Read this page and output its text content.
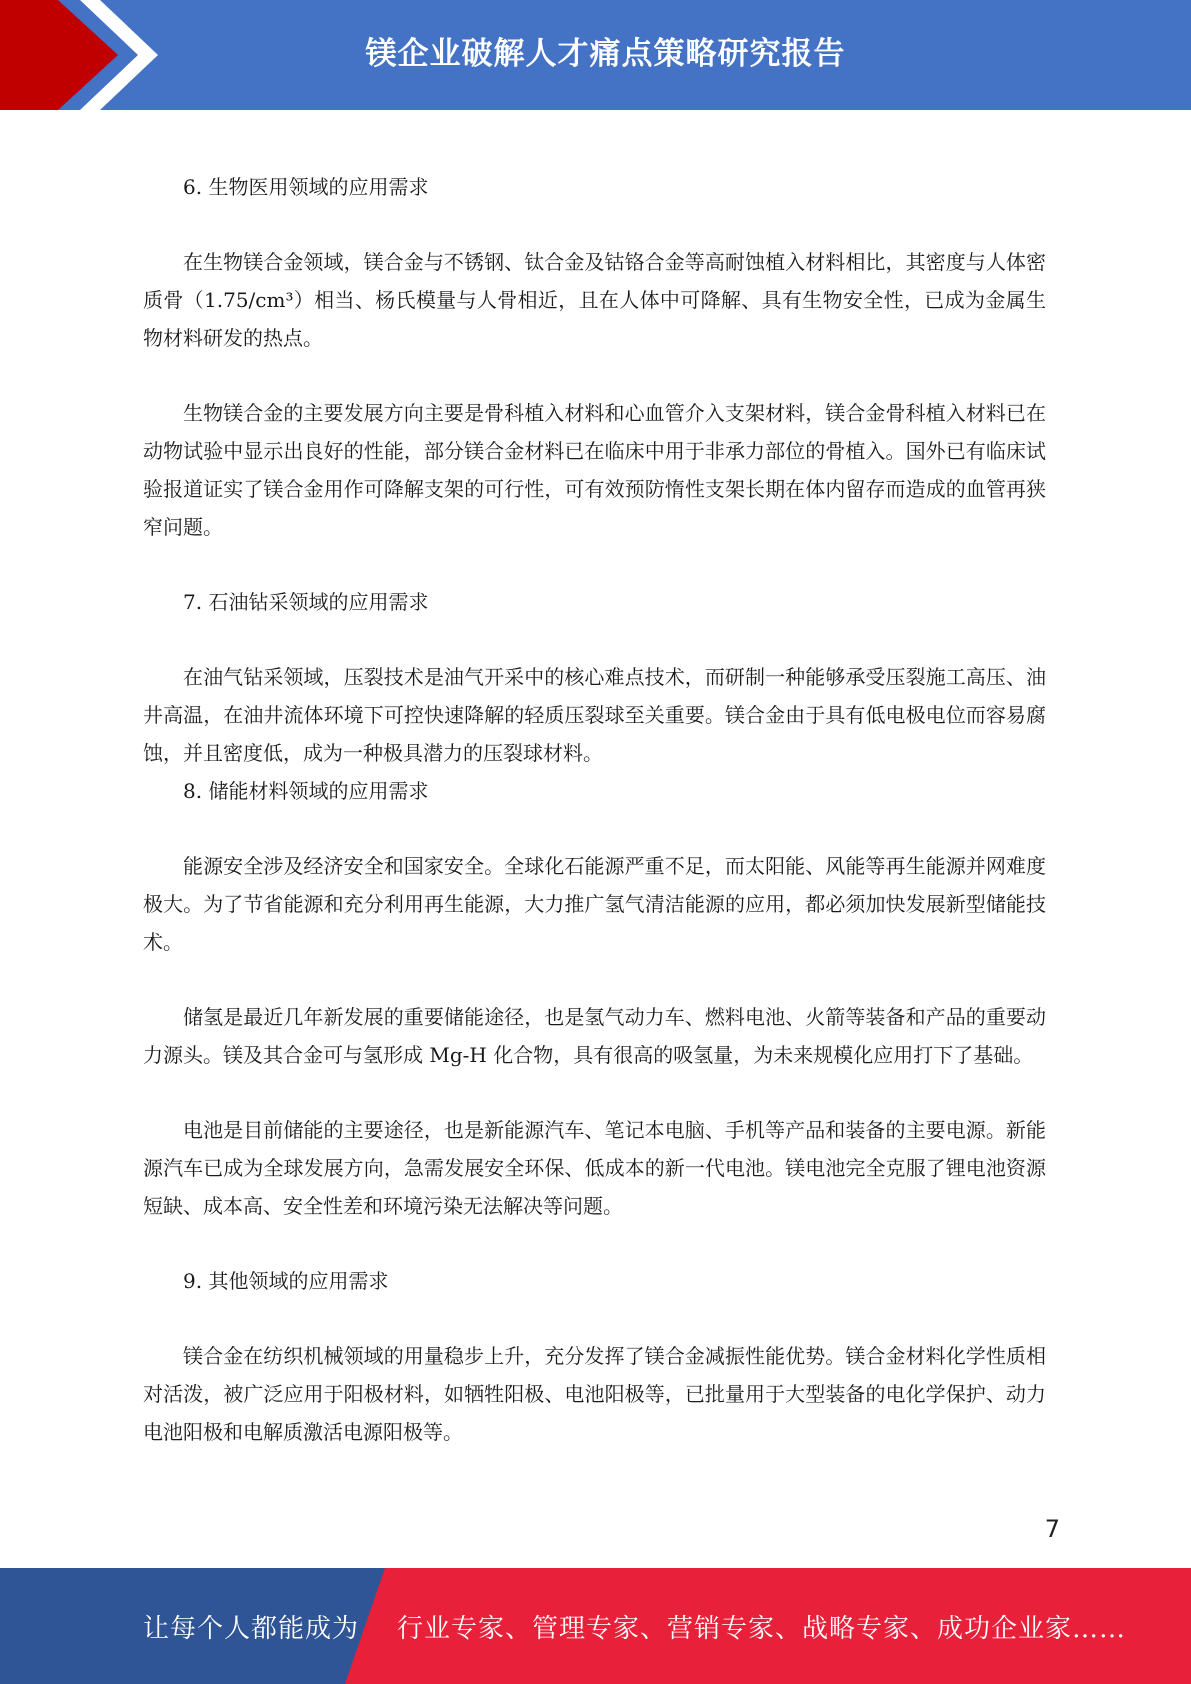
镁企业破解人才痛点策略研究报告

6. 生物医用领域的应用需求

在生物镁合金领域，镁合金与不锈钢、钛合金及钴铬合金等高耐蚀植入材料相比，其密度与人体密质骨（1.75/cm³）相当、杨氏模量与人骨相近，且在人体中可降解、具有生物安全性，已成为金属生物材料研发的热点。

生物镁合金的主要发展方向主要是骨科植入材料和心血管介入支架材料，镁合金骨科植入材料已在动物试验中显示出良好的性能，部分镁合金材料已在临床中用于非承力部位的骨植入。国外已有临床试验报道证实了镁合金用作可降解支架的可行性，可有效预防惰性支架长期在体内留存而造成的血管再狭窄问题。

7. 石油钻采领域的应用需求

在油气钻采领域，压裂技术是油气开采中的核心难点技术，而研制一种能够承受压裂施工高压、油井高温，在油井流体环境下可控快速降解的轻质压裂球至关重要。镁合金由于具有低电极电位而容易腐蚀，并且密度低，成为一种极具潜力的压裂球材料。

8. 储能材料领域的应用需求

能源安全涉及经济安全和国家安全。全球化石能源严重不足，而太阳能、风能等再生能源并网难度极大。为了节省能源和充分利用再生能源，大力推广氢气清洁能源的应用，都必须加快发展新型储能技术。

储氢是最近几年新发展的重要储能途径，也是氢气动力车、燃料电池、火箭等装备和产品的重要动力源头。镁及其合金可与氢形成 Mg-H 化合物，具有很高的吸氢量，为未来规模化应用打下了基础。

电池是目前储能的主要途径，也是新能源汽车、笔记本电脑、手机等产品和装备的主要电源。新能源汽车已成为全球发展方向，急需发展安全环保、低成本的新一代电池。镁电池完全克服了锂电池资源短缺、成本高、安全性差和环境污染无法解决等问题。

9. 其他领域的应用需求

镁合金在纺织机械领域的用量稳步上升，充分发挥了镁合金减振性能优势。镁合金材料化学性质相对活泼，被广泛应用于阳极材料，如牺牲阳极、电池阳极等，已批量用于大型装备的电化学保护、动力电池阳极和电解质激活电源阳极等。

7
让每个人都能成为 行业专家、管理专家、营销专家、战略专家、成功企业家……
